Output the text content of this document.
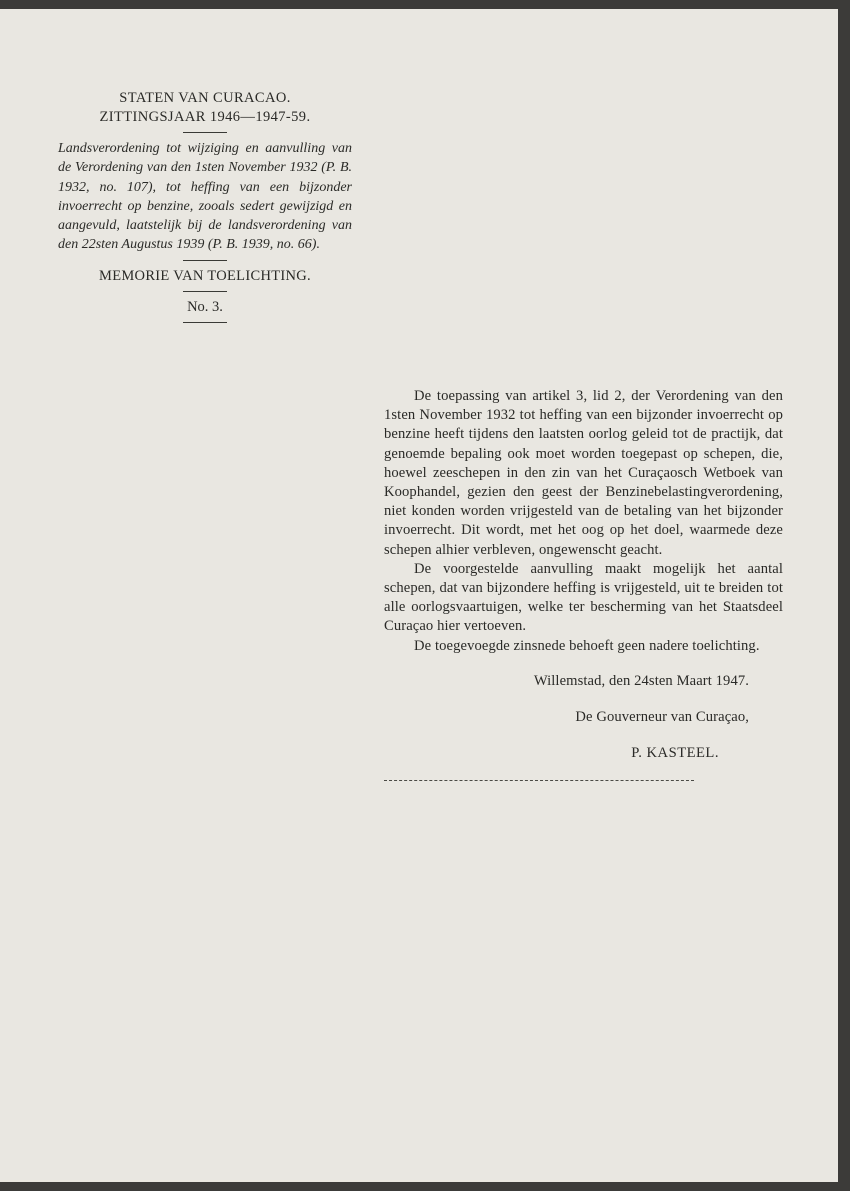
STATEN VAN CURACAO.
ZITTINGSJAAR 1946—1947-59.
Landsverordening tot wijziging en aanvulling van de Verordening van den 1sten November 1932 (P. B. 1932, no. 107), tot heffing van een bijzonder invoerrecht op benzine, zooals sedert gewijzigd en aangevuld, laatstelijk bij de landsverordening van den 22sten Augustus 1939 (P. B. 1939, no. 66).
MEMORIE VAN TOELICHTING.
No. 3.

De toepassing van artikel 3, lid 2, der Verordening van den 1sten November 1932 tot heffing van een bijzonder invoerrecht op benzine heeft tijdens den laatsten oorlog geleid tot de practijk, dat genoemde bepaling ook moet worden toegepast op schepen, die, hoewel zeeschepen in den zin van het Curaçaosch Wetboek van Koophandel, gezien den geest der Benzinebelastingverordening, niet konden worden vrijgesteld van de betaling van het bijzonder invoerrecht. Dit wordt, met het oog op het doel, waarmede deze schepen alhier verbleven, ongewenscht geacht.

De voorgestelde aanvulling maakt mogelijk het aantal schepen, dat van bijzondere heffing is vrijgesteld, uit te breiden tot alle oorlogsvaartuigen, welke ter bescherming van het Staatsdeel Curaçao hier vertoeven.

De toegevoegde zinsnede behoeft geen nadere toelichting.

Willemstad, den 24sten Maart 1947.

De Gouverneur van Curaçao,

P. KASTEEL.
